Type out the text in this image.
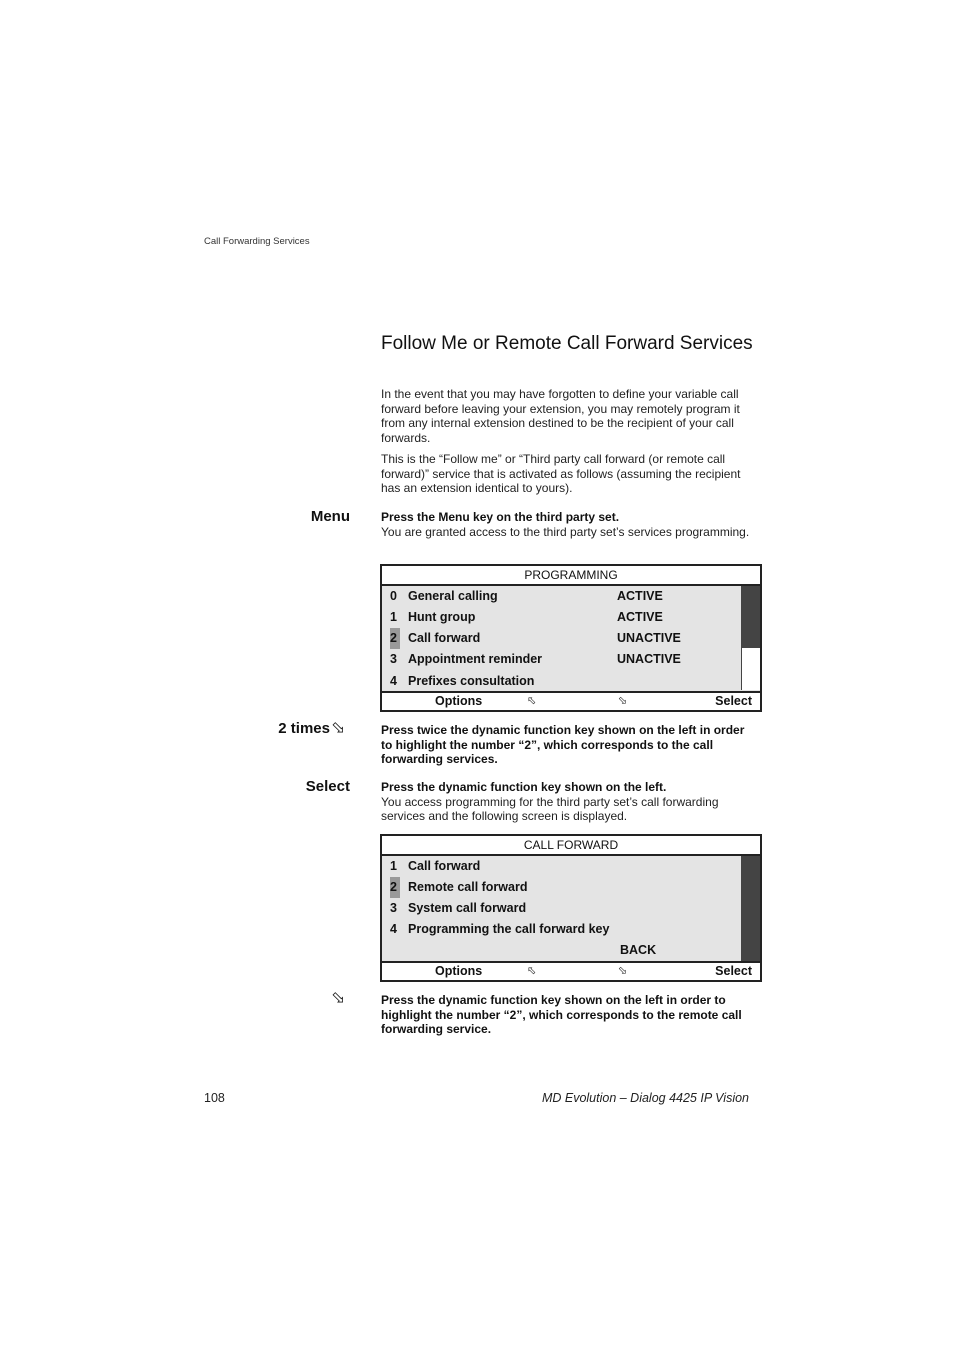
Call Forwarding Services
Follow Me or Remote Call Forward Services
In the event that you may have forgotten to define your variable call forward before leaving your extension, you may remotely program it from any internal extension destined to be the recipient of your call forwards.
This is the “Follow me” or “Third party call forward (or remote call forward)” service that is activated as follows (assuming the recipient has an extension identical to yours).
Menu	Press the Menu key on the third party set.
You are granted access to the third party set’s services programming.
PROGRAMMING
0 General calling	ACTIVE
1 Hunt group	ACTIVE
2 Call forward	UNACTIVE
3 Appointment reminder	UNACTIVE
4 Prefixes consultation
Options	⬁	⬂	Select
2 times ⬂	Press twice the dynamic function key shown on the left in order to highlight the number “2”, which corresponds to the call forwarding services.
Select	Press the dynamic function key shown on the left.
You access programming for the third party set’s call forwarding services and the following screen is displayed.
CALL FORWARD
1 Call forward
2 Remote call forward
3 System call forward
4 Programming the call forward key
BACK
Options	⬁	⬂	Select
⬂	Press the dynamic function key shown on the left in order to highlight the number “2”, which corresponds to the remote call forwarding service.
108	MD Evolution – Dialog 4425 IP Vision
